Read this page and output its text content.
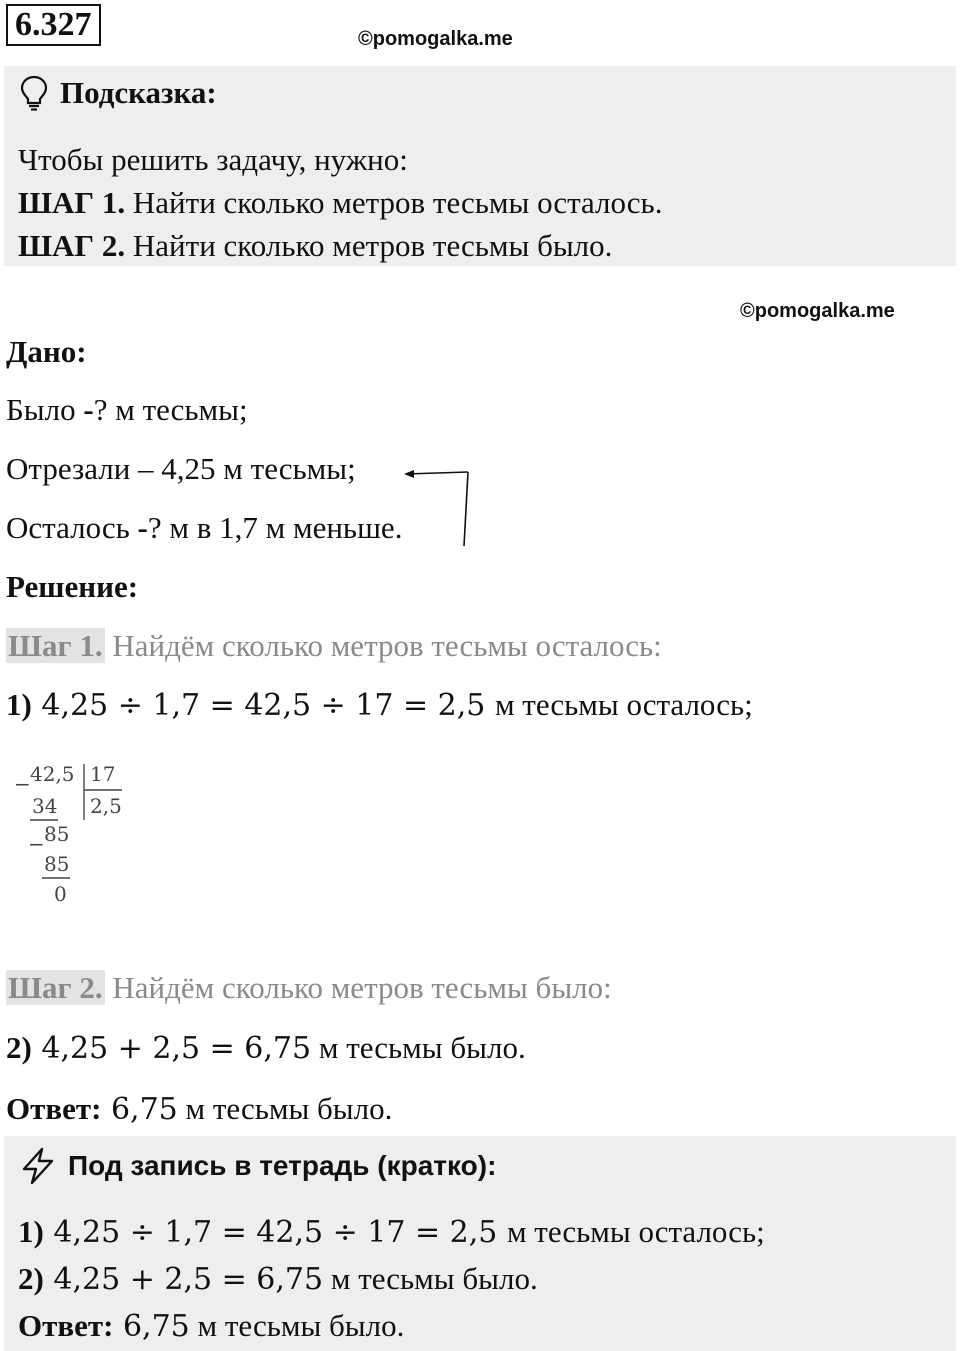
6.327	©pomogalka.me
Подсказка:
Чтобы решить задачу, нужно:
ШАГ 1. Найти сколько метров тесьмы осталось.
ШАГ 2. Найти сколько метров тесьмы было.
©pomogalka.me
Дано:
Было -? м тесьмы;
Отрезали – 4,25 м тесьмы;
Осталось -? м в 1,7 м меньше.
Решение:
Шаг 1. Найдём сколько метров тесьмы осталось:
1) 4,25 ÷ 1,7 = 42,5 ÷ 17 = 2,5 м тесьмы осталось;
− 42,5 17
2,5
34
− 85
85
0
Шаг 2. Найдём сколько метров тесьмы было:
2) 4,25 + 2,5 = 6,75 м тесьмы было.
Ответ: 6,75 м тесьмы было.
Под запись в тетрадь (кратко):
1) 4,25 ÷ 1,7 = 42,5 ÷ 17 = 2,5 м тесьмы осталось;
2) 4,25 + 2,5 = 6,75 м тесьмы было.
Ответ: 6,75 м тесьмы было.
